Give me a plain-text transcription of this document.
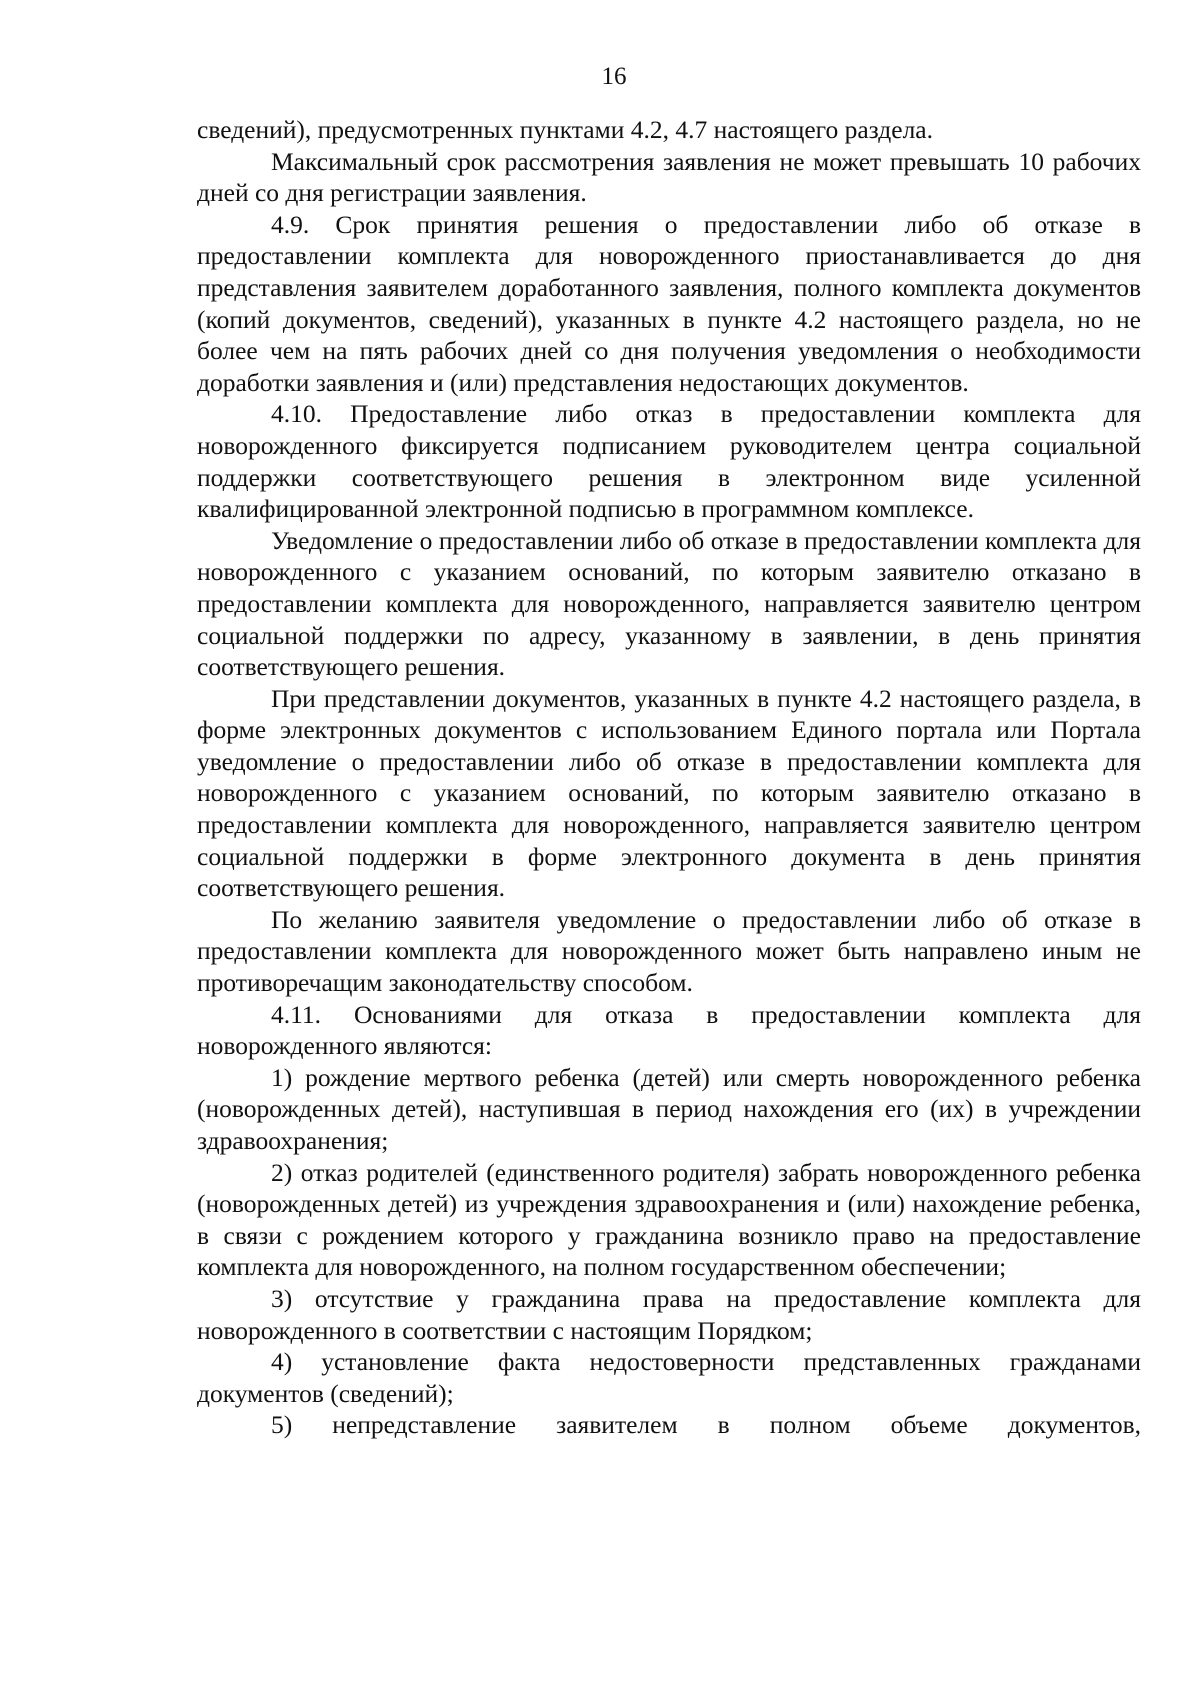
16

сведений), предусмотренных пунктами 4.2, 4.7 настоящего раздела.

Максимальный срок рассмотрения заявления не может превышать 10 рабочих дней со дня регистрации заявления.

4.9. Срок принятия решения о предоставлении либо об отказе в предоставлении комплекта для новорожденного приостанавливается до дня представления заявителем доработанного заявления, полного комплекта документов (копий документов, сведений), указанных в пункте 4.2 настоящего раздела, но не более чем на пять рабочих дней со дня получения уведомления о необходимости доработки заявления и (или) представления недостающих документов.

4.10. Предоставление либо отказ в предоставлении комплекта для новорожденного фиксируется подписанием руководителем центра социальной поддержки соответствующего решения в электронном виде усиленной квалифицированной электронной подписью в программном комплексе.

Уведомление о предоставлении либо об отказе в предоставлении комплекта для новорожденного с указанием оснований, по которым заявителю отказано в предоставлении комплекта для новорожденного, направляется заявителю центром социальной поддержки по адресу, указанному в заявлении, в день принятия соответствующего решения.

При представлении документов, указанных в пункте 4.2 настоящего раздела, в форме электронных документов с использованием Единого портала или Портала уведомление о предоставлении либо об отказе в предоставлении комплекта для новорожденного с указанием оснований, по которым заявителю отказано в предоставлении комплекта для новорожденного, направляется заявителю центром социальной поддержки в форме электронного документа в день принятия соответствующего решения.

По желанию заявителя уведомление о предоставлении либо об отказе в предоставлении комплекта для новорожденного может быть направлено иным не противоречащим законодательству способом.

4.11. Основаниями для отказа в предоставлении комплекта для новорожденного являются:

1) рождение мертвого ребенка (детей) или смерть новорожденного ребенка (новорожденных детей), наступившая в период нахождения его (их) в учреждении здравоохранения;

2) отказ родителей (единственного родителя) забрать новорожденного ребенка (новорожденных детей) из учреждения здравоохранения и (или) нахождение ребенка, в связи с рождением которого у гражданина возникло право на предоставление комплекта для новорожденного, на полном государственном обеспечении;

3) отсутствие у гражданина права на предоставление комплекта для новорожденного в соответствии с настоящим Порядком;

4) установление факта недостоверности представленных гражданами документов (сведений);

5) непредставление заявителем в полном объеме документов,
